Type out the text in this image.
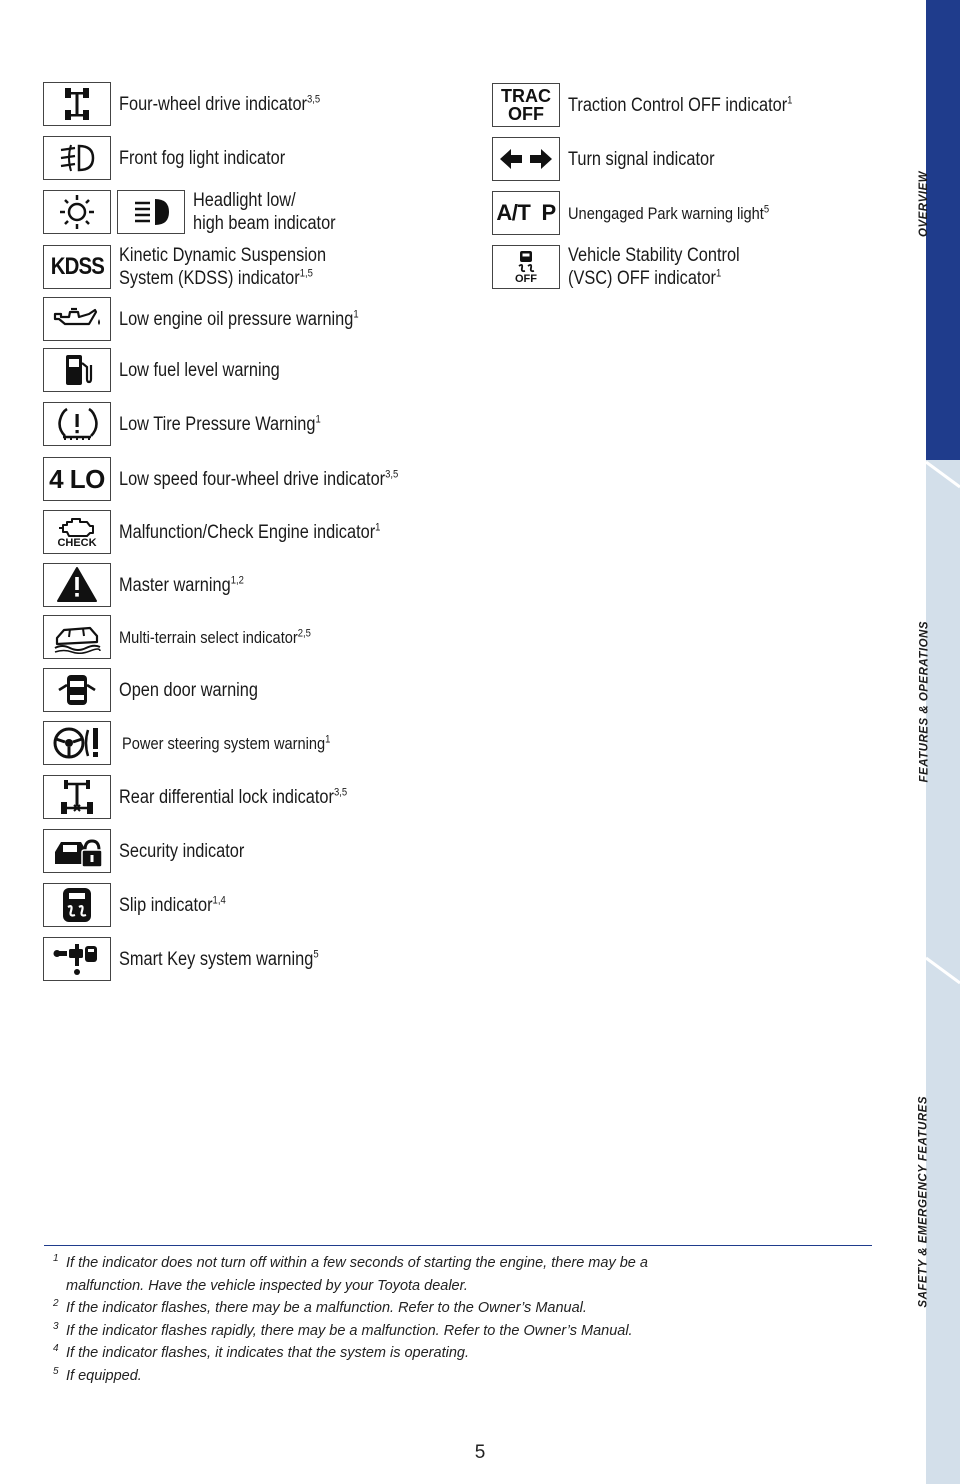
OVERVIEW
FEATURES & OPERATIONS
SAFETY & EMERGENCY FEATURES
Four-wheel drive indicator$^{3,5}$
Front fog light indicator
Headlight low/
high beam indicator
KDSS Kinetic Dynamic Suspension
System (KDSS) indicator$^{1,5}$
Low engine oil pressure warning$^1$
Low fuel level warning
Low Tire Pressure Warning$^1$
4 LO Low speed four-wheel drive indicator$^{3,5}$
CHECK Malfunction/Check Engine indicator$^1$
Master warning$^{1,2}$
Multi-terrain select indicator$^{2,5}$
Open door warning
Power steering system warning$^1$
Rear differential lock indicator$^{3,5}$
Security indicator
Slip indicator$^{1,4}$
Smart Key system warning$^5$
TRAC
OFF Traction Control OFF indicator$^1$
Turn signal indicator
A/T  P Unengaged Park warning light$^5$
OFF
Vehicle Stability Control
(VSC) OFF indicator$^1$
1 If the indicator does not turn off within a few seconds of starting the engine, there may be a
malfunction. Have the vehicle inspected by your Toyota dealer.
2 If the indicator flashes, there may be a malfunction. Refer to the Owner’s Manual.
3 If the indicator flashes rapidly, there may be a malfunction. Refer to the Owner’s Manual.
4 If the indicator flashes, it indicates that the system is operating.
5 If equipped.
5
